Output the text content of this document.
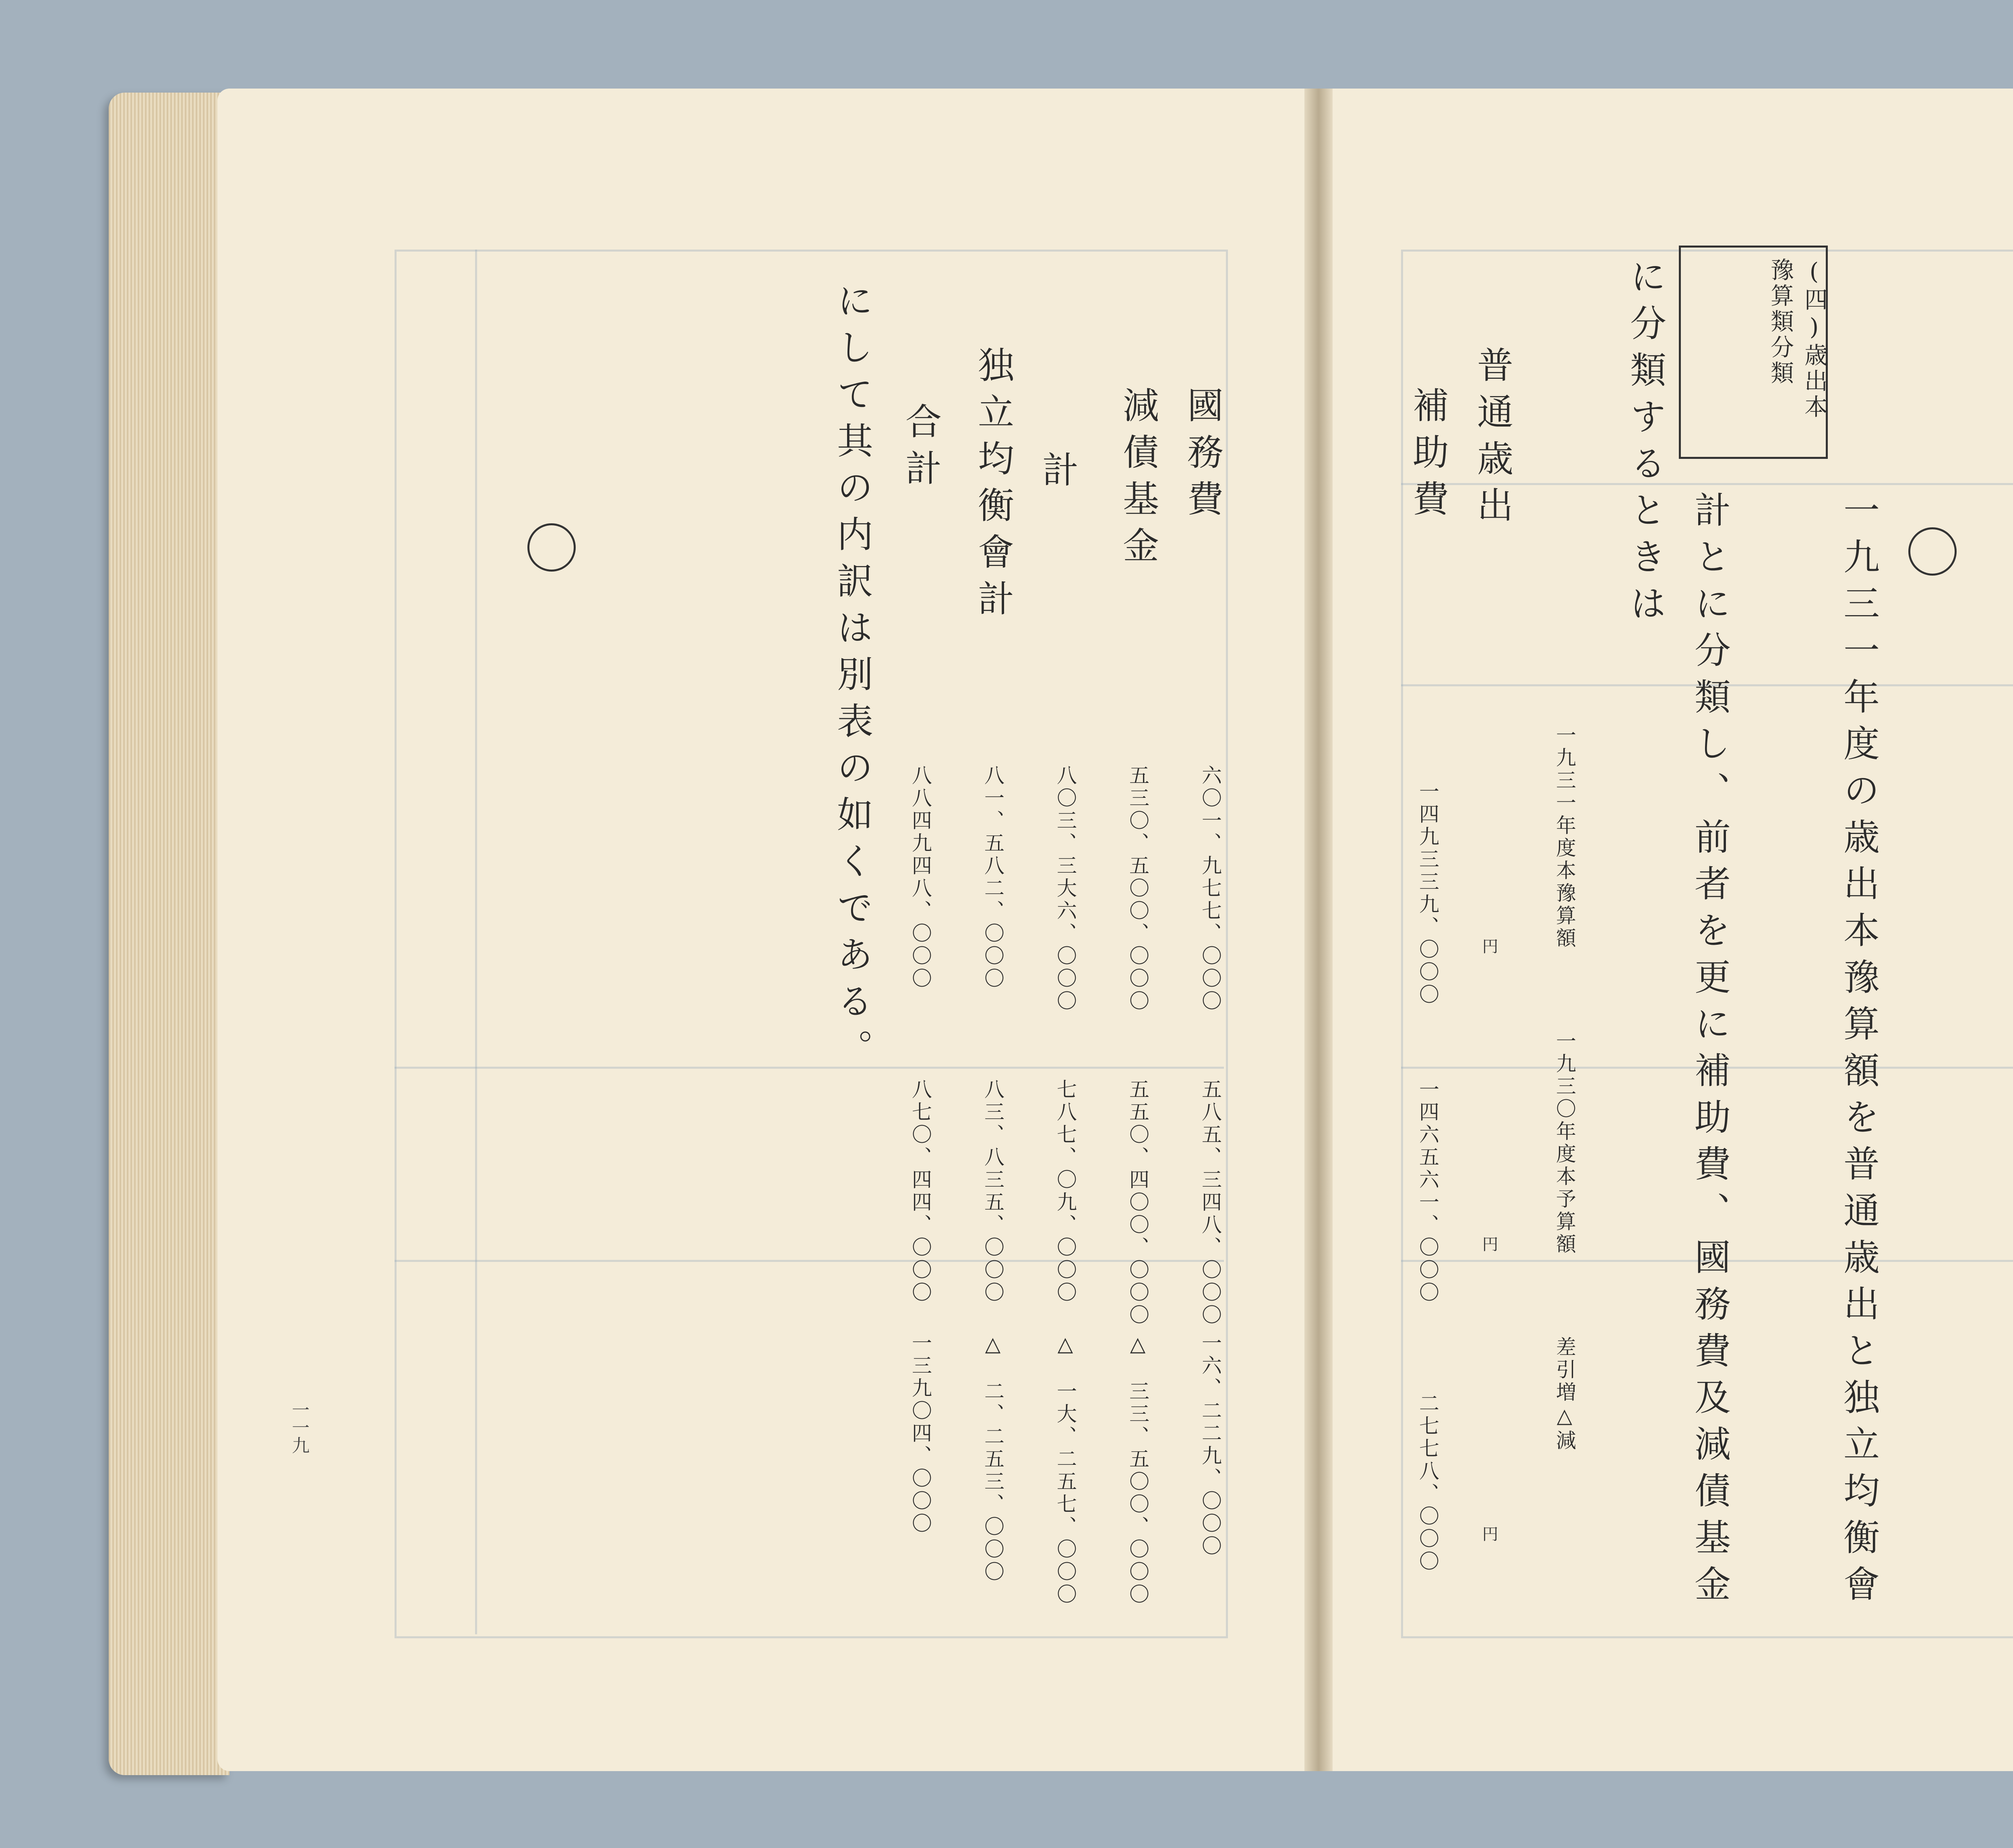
國務費
減債基金
計
独立均衡會計
合計
六〇一、九七七、〇〇〇
五三〇、五〇〇、〇〇〇
八〇三、三大六、〇〇〇
八一、五八二、〇〇〇
八八四九四八、〇〇〇
五八五、三四八、〇〇〇
五五〇、四〇〇、〇〇〇
七八七、〇九、〇〇〇
八三、八三五、〇〇〇
八七〇、四四、〇〇〇
一六、二二九、〇〇〇
△　三三、五〇〇、〇〇〇
△　一大、二五七、〇〇〇
△　二、二五三、〇〇〇
一三九〇四、〇〇〇
にして其の内訳は別表の如くである。
一一九
(四)歳出本豫算類分類
一九三一年度の歳出本豫算額を普通歳出と独立均衡會
計とに分類し、前者を更に補助費、國務費及減債基金
に分類するときは
普通歳出
補助費
一九三一年度本豫算額
一九三〇年度本予算額
差引増△減
一四九三三九、〇〇〇
一四六五六一、〇〇〇
二七七八、〇〇〇
円
円
円
